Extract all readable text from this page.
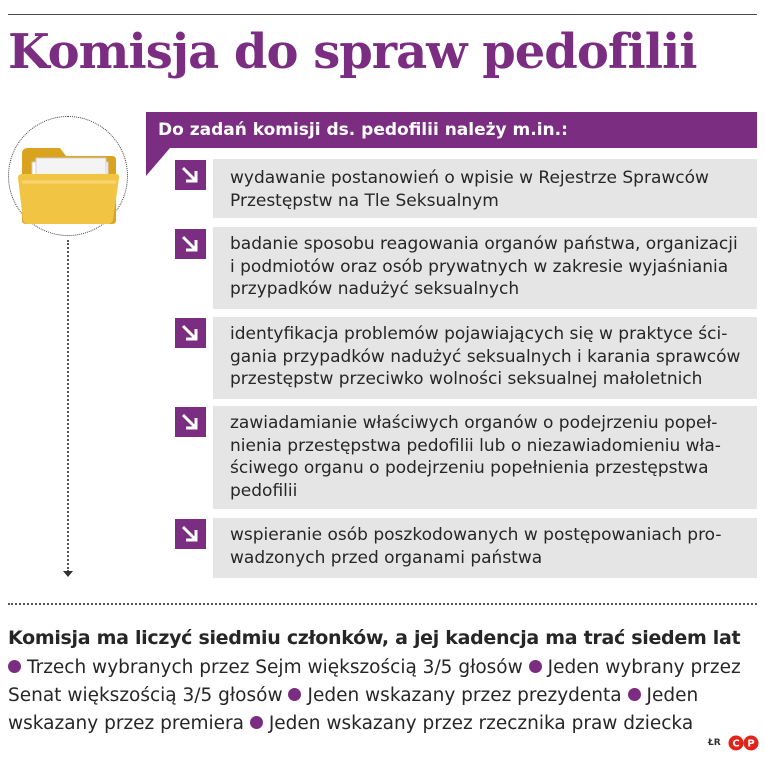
Komisja do spraw pedofilii
Do zadań komisji ds. pedofilii należy m.in.:

wydawanie postanowień o wpisie w Rejestrze Sprawców
Przestępstw na Tle Seksualnym

badanie sposobu reagowania organów państwa, organizacji
i podmiotów oraz osób prywatnych w zakresie wyjaśniania
przypadków nadużyć seksualnych

identyfikacja problemów pojawiających się w praktyce ści-
gania przypadków nadużyć seksualnych i karania sprawców
przestępstw przeciwko wolności seksualnej małoletnich

zawiadamianie właściwych organów o podejrzeniu popeł-
nienia przestępstwa pedofilii lub o niezawiadomieniu wła-
ściwego organu o podejrzeniu popełnienia przestępstwa
pedofilii

wspieranie osób poszkodowanych w postępowaniach pro-
wadzonych przed organami państwa

Komisja ma liczyć siedmiu członków, a jej kadencja ma trać siedem lat

Trzech wybranych przez Sejm większością 3/5 głosów Jeden wybrany przez Senat większością 3/5 głosów Jeden wskazany przez prezydenta Jeden wskazany przez premiera Jeden wskazany przez rzecznika praw dziecka

ŁR C P
